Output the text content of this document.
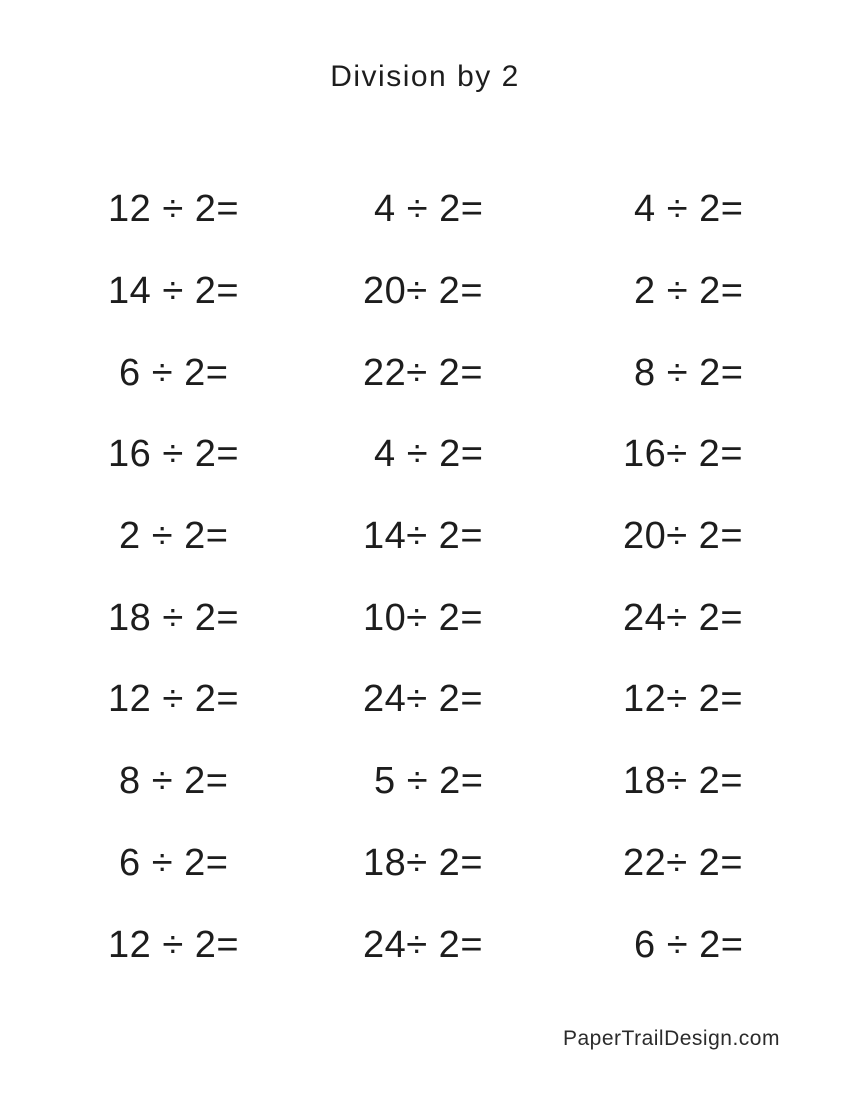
Division by 2
12 ÷ 2=
14 ÷ 2=
6 ÷ 2=
16 ÷ 2=
2 ÷ 2=
18 ÷ 2=
12 ÷ 2=
8 ÷ 2=
6 ÷ 2=
12 ÷ 2=
4 ÷ 2=
20÷ 2=
22÷ 2=
4 ÷ 2=
14÷ 2=
10÷ 2=
24÷ 2=
5 ÷ 2=
18÷ 2=
24÷ 2=
4 ÷ 2=
2 ÷ 2=
8 ÷ 2=
16÷ 2=
20÷ 2=
24÷ 2=
12÷ 2=
18÷ 2=
22÷ 2=
6 ÷ 2=
PaperTrailDesign.com
